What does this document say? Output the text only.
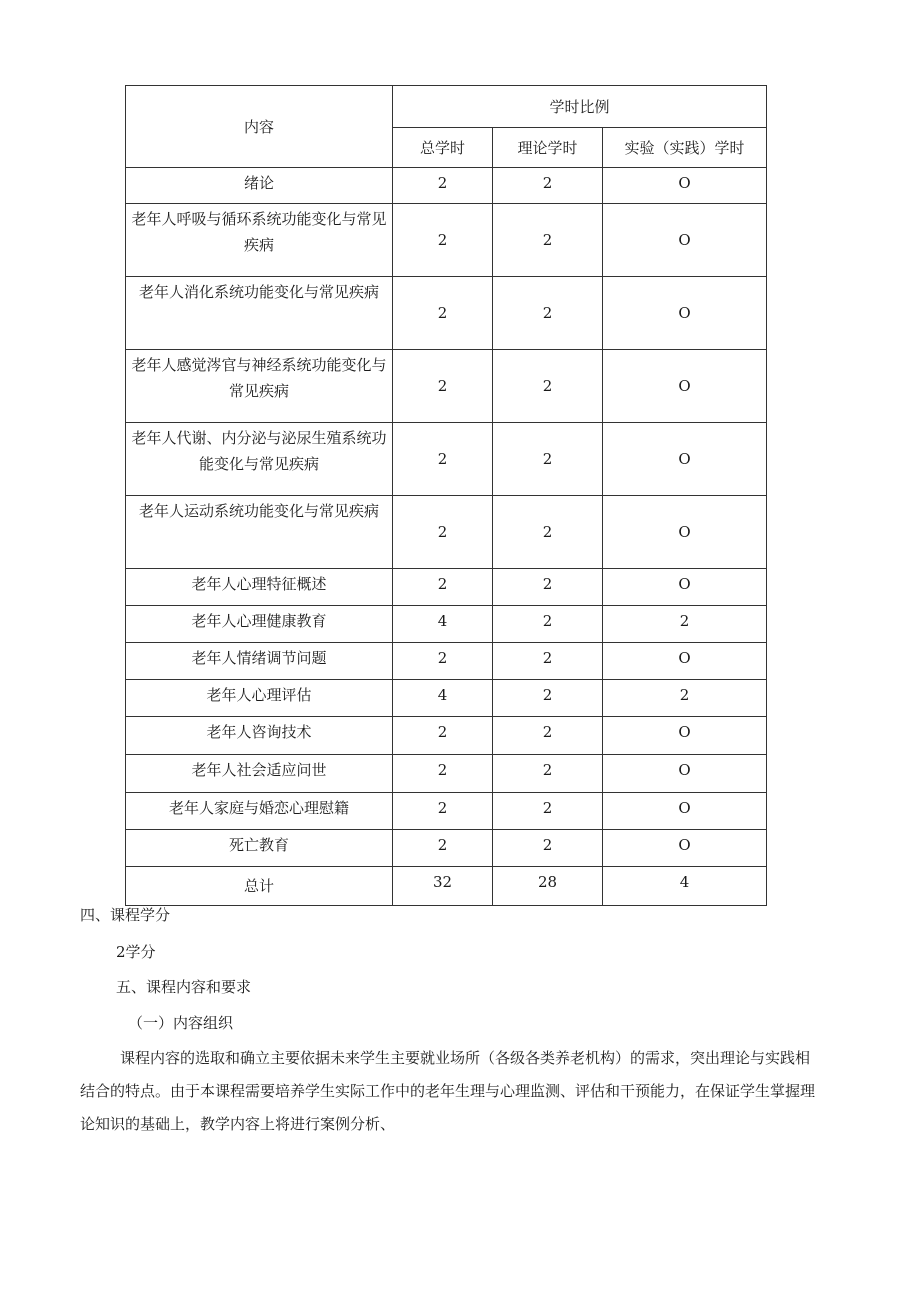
内容	学时比例		
	总学时	理论学时	实验（实践）学时
绪论	2	2	O
老年人呼吸与循环系统功能变化与常见疾病	2	2	O
老年人消化系统功能变化与常见疾病	2	2	O
老年人感觉涔官与神经系统功能变化与常见疾病	2	2	O
老年人代谢、内分泌与泌尿生殖系统功能变化与常见疾病	2	2	O
老年人运动系统功能变化与常见疾病	2	2	O
老年人心理特征概述	2	2	O
老年人心理健康教育	4	2	2
老年人情绪调节问题	2	2	O
老年人心理评估	4	2	2
老年人咨询技术	2	2	O
老年人社会适应问世	2	2	O
老年人家庭与婚恋心理慰籍	2	2	O
死亡教育	2	2	O
总计	32	28	4
四、课程学分
2学分
五、课程内容和要求
（一）内容组织
课程内容的选取和确立主要依据未来学生主要就业场所（各级各类养老机构）的需求，突出理论与实践相结合的特点。由于本课程需要培养学生实际工作中的老年生理与心理监测、评估和干预能力，在保证学生掌握理论知识的基础上，教学内容上将进行案例分析、
